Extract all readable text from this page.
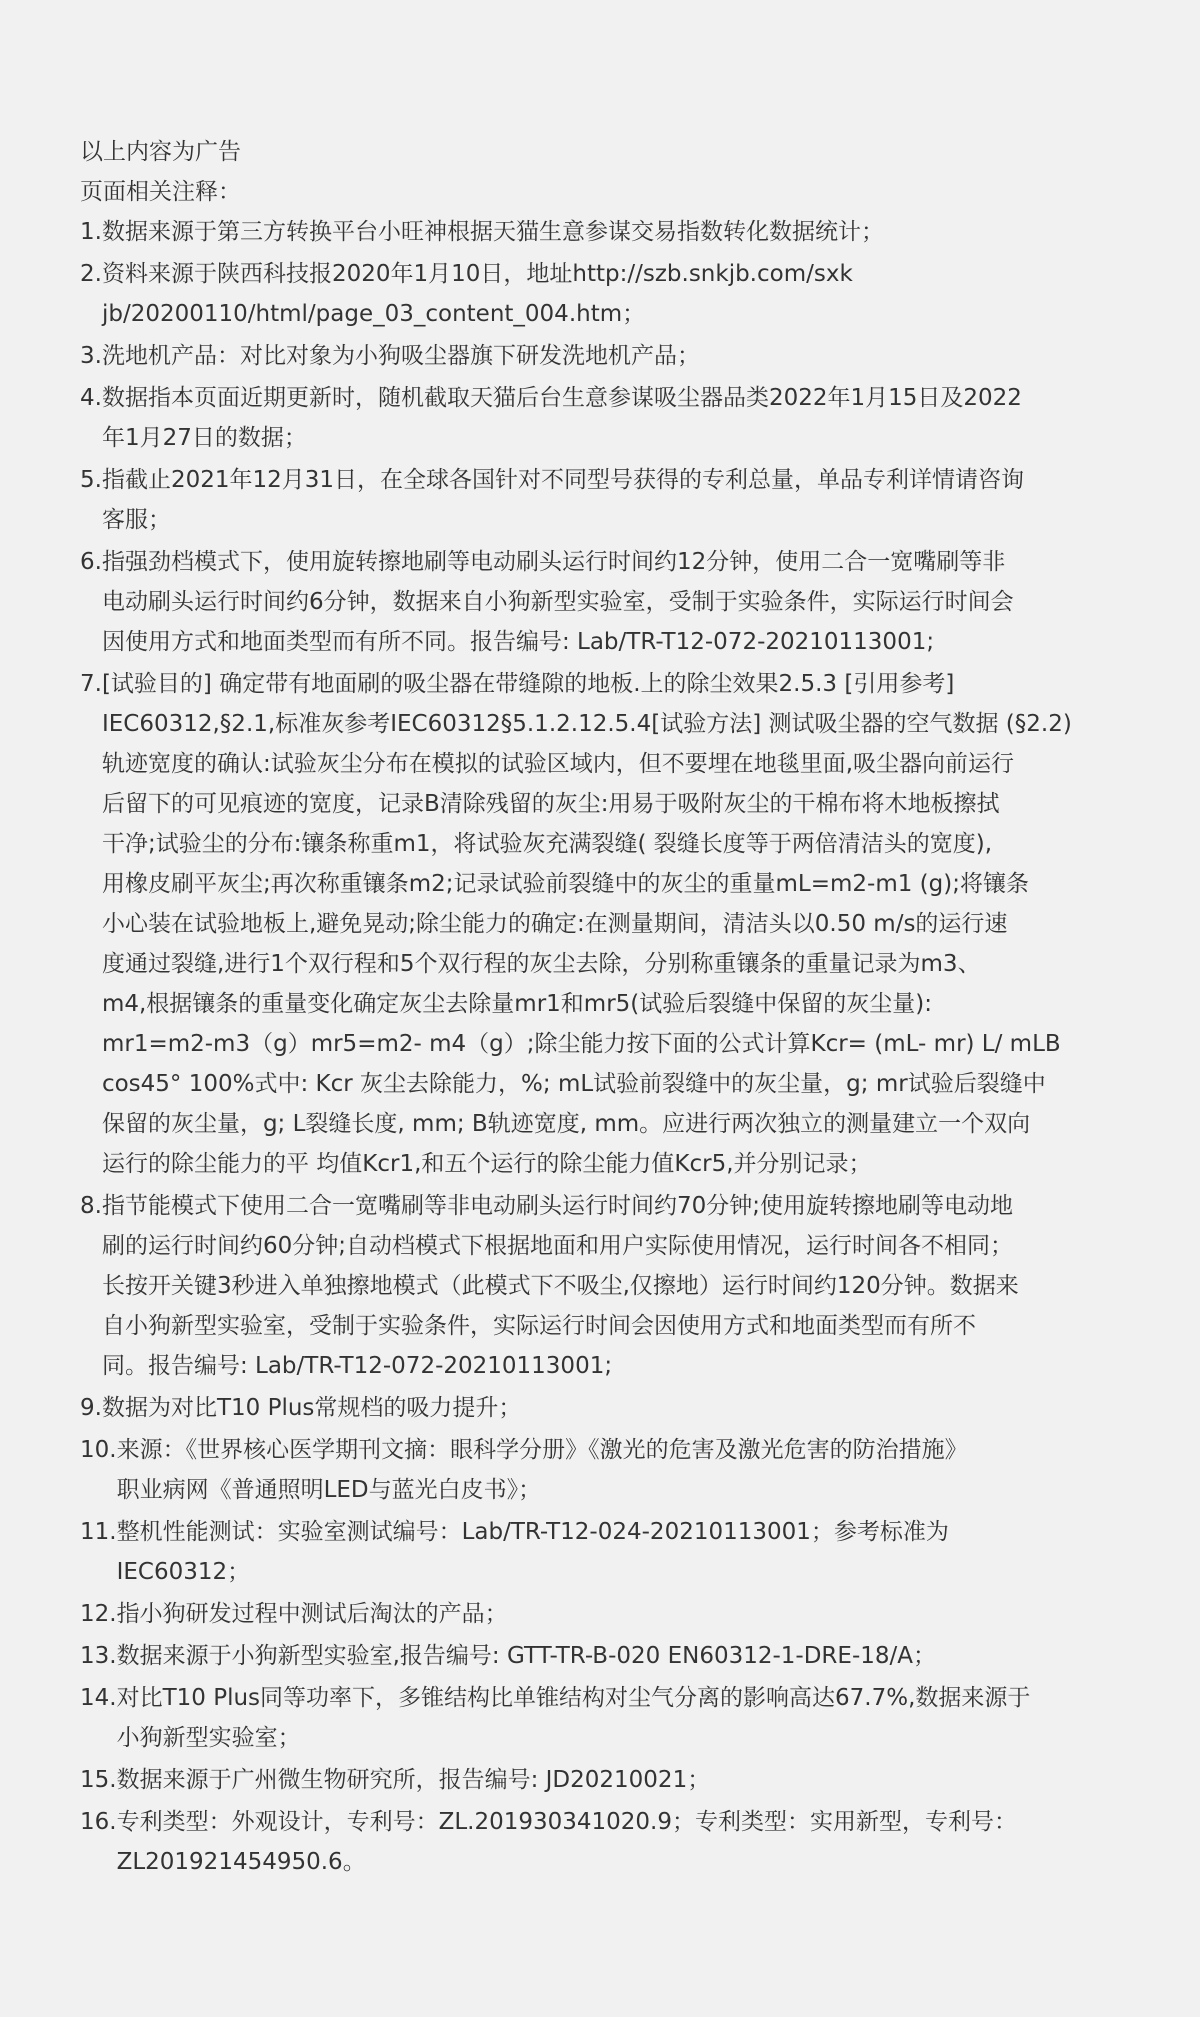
以上内容为广告
页面相关注释：
1. 数据来源于第三方转换平台小旺神根据天猫生意参谋交易指数转化数据统计；
2. 资料来源于陕西科技报2020年1月10日，地址http://szb.snkjb.com/sxk
jb/20200110/html/page_03_content_004.htm；
3. 洗地机产品：对比对象为小狗吸尘器旗下研发洗地机产品；
4. 数据指本页面近期更新时，随机截取天猫后台生意参谋吸尘器品类2022年1月15日及2022
年1月27日的数据；
5. 指截止2021年12月31日，在全球各国针对不同型号获得的专利总量，单品专利详情请咨询
客服；
6. 指强劲档模式下，使用旋转擦地刷等电动刷头运行时间约12分钟，使用二合一宽嘴刷等非
电动刷头运行时间约6分钟，数据来自小狗新型实验室，受制于实验条件，实际运行时间会
因使用方式和地面类型而有所不同。报告编号: Lab/TR-T12-072-20210113001;
7. [试验目的] 确定带有地面刷的吸尘器在带缝隙的地板.上的除尘效果2.5.3 [引用参考]
IEC60312,§2.1,标准灰参考IEC60312§5.1.2.12.5.4[试验方法] 测试吸尘器的空气数据 (§2.2)
轨迹宽度的确认:试验灰尘分布在模拟的试验区域内，但不要埋在地毯里面,吸尘器向前运行
后留下的可见痕迹的宽度，记录B清除残留的灰尘:用易于吸附灰尘的干棉布将木地板擦拭
干净;试验尘的分布:镶条称重m1，将试验灰充满裂缝( 裂缝长度等于两倍清洁头的宽度),
用橡皮刷平灰尘;再次称重镶条m2;记录试验前裂缝中的灰尘的重量mL=m2-m1 (g);将镶条
小心装在试验地板上,避免晃动;除尘能力的确定:在测量期间，清洁头以0.50 m/s的运行速
度通过裂缝,进行1个双行程和5个双行程的灰尘去除，分别称重镶条的重量记录为m3、
m4,根据镶条的重量变化确定灰尘去除量mr1和mr5(试验后裂缝中保留的灰尘量):
mr1=m2-m3（g）mr5=m2- m4（g）;除尘能力按下面的公式计算Kcr= (mL- mr) L/ mLB
cos45° 100%式中: Kcr 灰尘去除能力，%; mL试验前裂缝中的灰尘量，g; mr试验后裂缝中
保留的灰尘量，g; L裂缝长度, mm; B轨迹宽度, mm。应进行两次独立的测量建立一个双向
运行的除尘能力的平 均值Kcr1,和五个运行的除尘能力值Kcr5,并分别记录；
8. 指节能模式下使用二合一宽嘴刷等非电动刷头运行时间约70分钟;使用旋转擦地刷等电动地
刷的运行时间约60分钟;自动档模式下根据地面和用户实际使用情况，运行时间各不相同；
长按开关键3秒进入单独擦地模式（此模式下不吸尘,仅擦地）运行时间约120分钟。数据来
自小狗新型实验室，受制于实验条件，实际运行时间会因使用方式和地面类型而有所不
同。报告编号: Lab/TR-T12-072-20210113001;
9. 数据为对比T10 Plus常规档的吸力提升；
10. 来源：《世界核心医学期刊文摘：眼科学分册》《激光的危害及激光危害的防治措施》
职业病网《普通照明LED与蓝光白皮书》；
11. 整机性能测试：实验室测试编号：Lab/TR-T12-024-20210113001；参考标准为
IEC60312；
12. 指小狗研发过程中测试后淘汰的产品；
13. 数据来源于小狗新型实验室,报告编号: GTT-TR-B-020 EN60312-1-DRE-18/A；
14. 对比T10 Plus同等功率下，多锥结构比单锥结构对尘气分离的影响高达67.7%,数据来源于
小狗新型实验室；
15. 数据来源于广州微生物研究所，报告编号: JD20210021；
16. 专利类型：外观设计，专利号：ZL.201930341020.9；专利类型：实用新型，专利号：
ZL201921454950.6。
